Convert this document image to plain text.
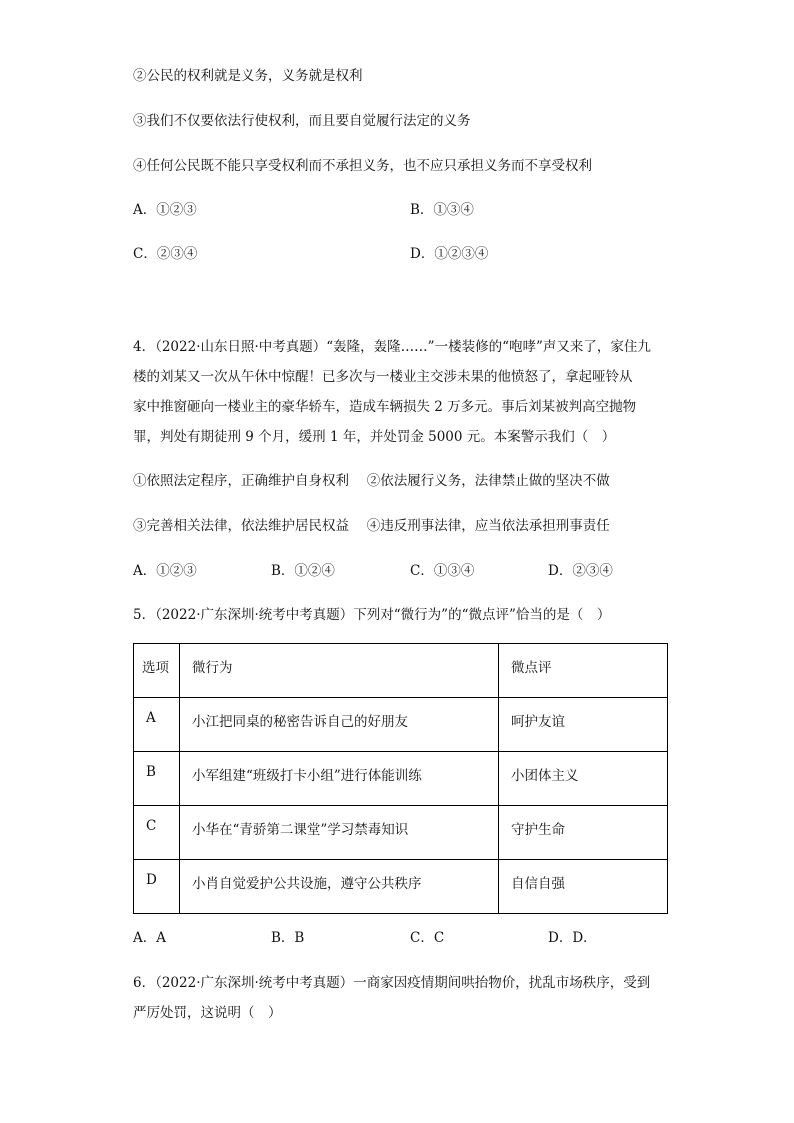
②公民的权利就是义务，义务就是权利
③我们不仅要依法行使权利，而且要自觉履行法定的义务
④任何公民既不能只享受权利而不承担义务，也不应只承担义务而不享受权利
A．①②③	B．①③④
C．②③④	D．①②③④
4．（2022·山东日照·中考真题）“轰隆，轰隆……”一楼装修的“咆哮”声又来了，家住九
楼的刘某又一次从午休中惊醒！已多次与一楼业主交涉未果的他愤怒了，拿起哑铃从
家中推窗砸向一楼业主的豪华轿车，造成车辆损失 2 万多元。事后刘某被判高空抛物
罪，判处有期徒刑 9 个月，缓刑 1 年，并处罚金 5000 元。本案警示我们（　）
①依照法定程序，正确维护自身权利　 ②依法履行义务，法律禁止做的坚决不做
③完善相关法律，依法维护居民权益　 ④违反刑事法律，应当依法承担刑事责任
A．①②③	B．①②④	C．①③④	D．②③④
5．（2022·广东深圳·统考中考真题）下列对“微行为”的“微点评”恰当的是（　）
选项	微行为	微点评
A	小江把同桌的秘密告诉自己的好朋友	呵护友谊
B	小军组建“班级打卡小组”进行体能训练	小团体主义
C	小华在“青骄第二课堂”学习禁毒知识	守护生命
D	小肖自觉爱护公共设施，遵守公共秩序	自信自强
A．A	B．B	C．C	D．D．
6．（2022·广东深圳·统考中考真题）一商家因疫情期间哄抬物价，扰乱市场秩序，受到
严厉处罚，这说明（　）
